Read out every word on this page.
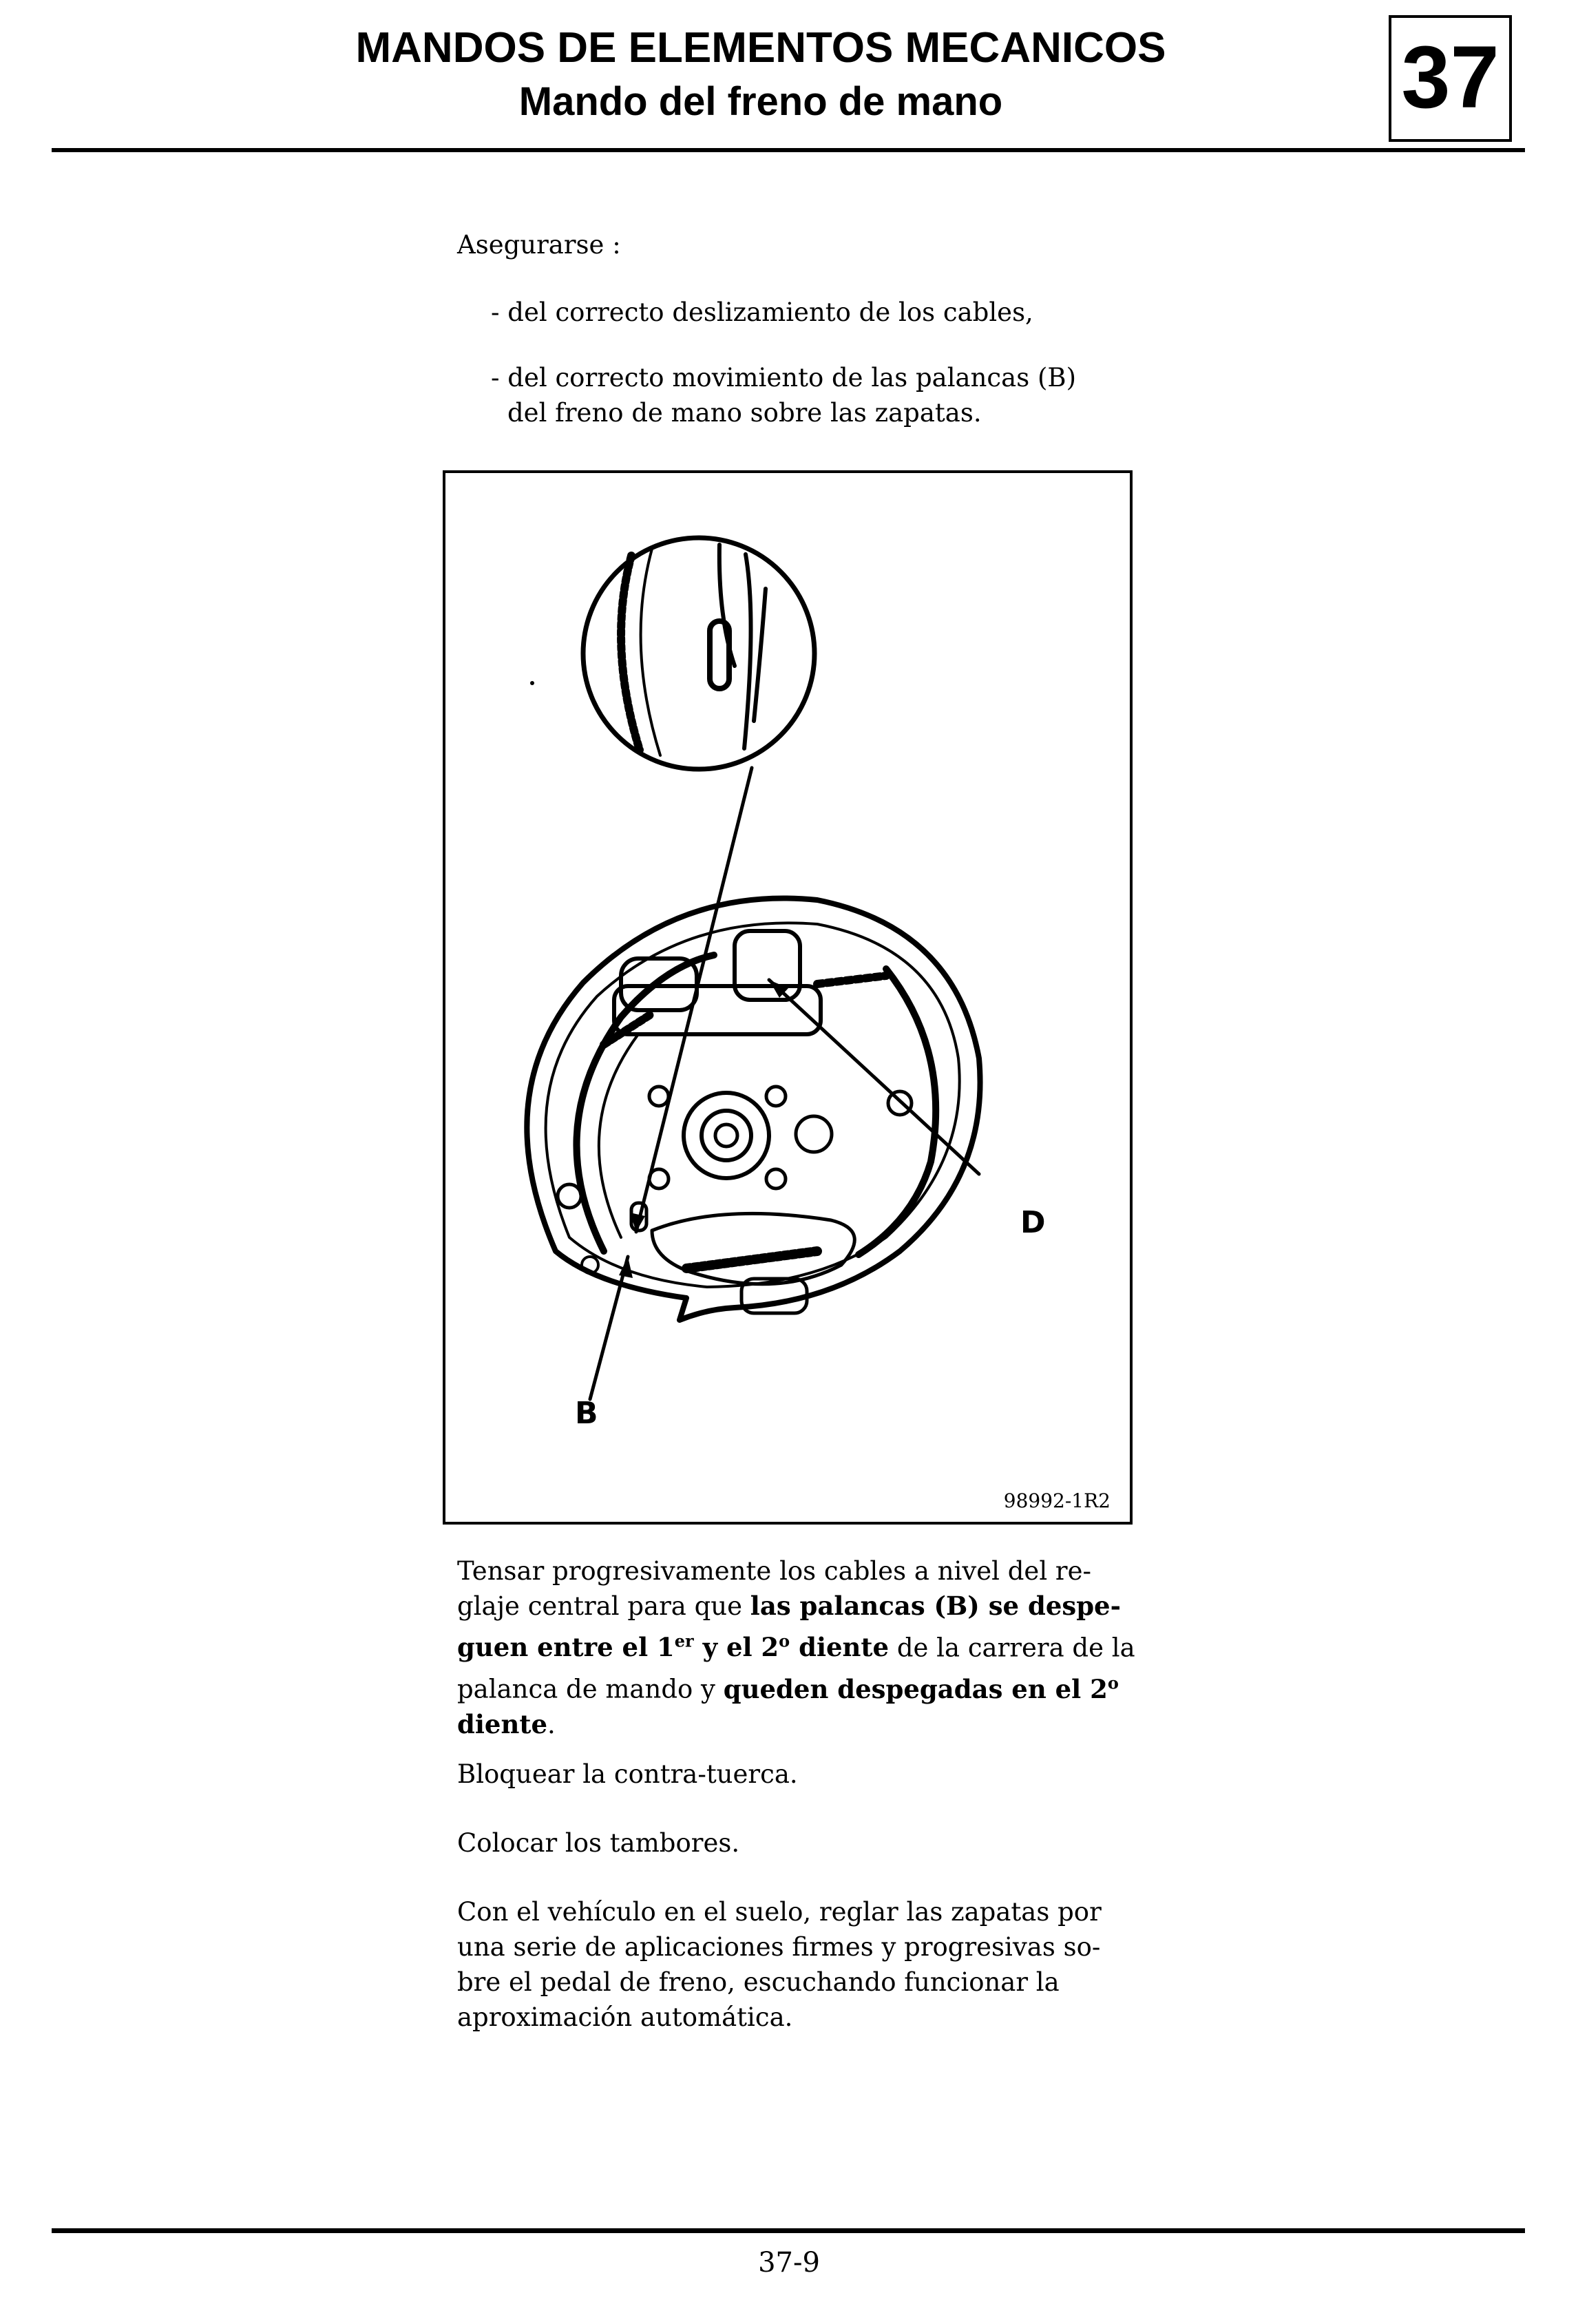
MANDOS DE ELEMENTOS MECANICOS
Mando del freno de mano	37
Asegurarse :
- del correcto deslizamiento de los cables,
- del correcto movimiento de las palancas (B)
del freno de mano sobre las zapatas.
D
B
98992-1R2
Tensar progresivamente los cables a nivel del re-
glaje central para que las palancas (B) se despe-
guen entre el 1er y el 2$^o$ diente de la carrera de la
palanca de mando y queden despegadas en el 2$^o$
diente.
Bloquear la contra-tuerca.
Colocar los tambores.
Con el vehículo en el suelo, reglar las zapatas por
una serie de aplicaciones firmes y progresivas so-
bre el pedal de freno, escuchando funcionar la
aproximación automática.
37-9
